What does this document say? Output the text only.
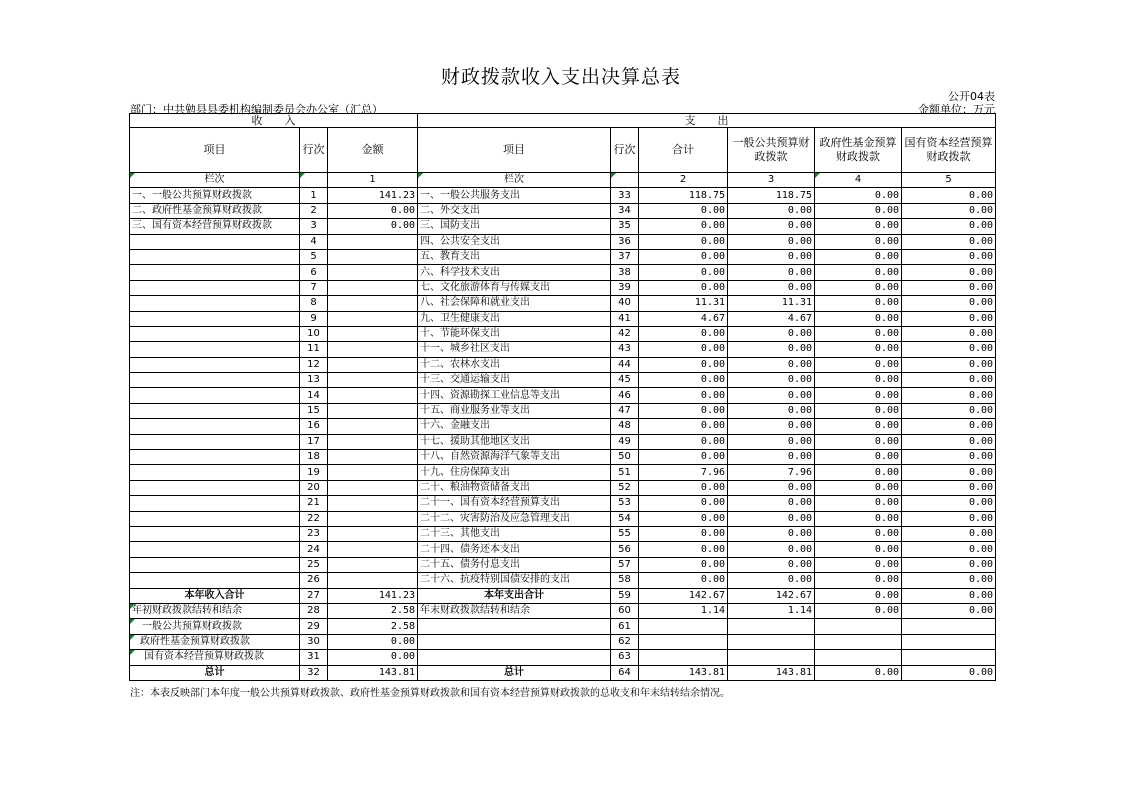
财政拨款收入支出决算总表
公开04表
部门：中共勉县县委机构编制委员会办公室（汇总）	金额单位：万元
收　　入			支　　出					
项目	行次	金额	项目	行次	合计	一般公共预算财政拨款	政府性基金预算财政拨款	国有资本经营预算财政拨款
栏次		1	栏次		2	3	4	5
一、一般公共预算财政拨款	1	141.23	一、一般公共服务支出	33	118.75	118.75	0.00	0.00
二、政府性基金预算财政拨款	2	0.00	二、外交支出	34	0.00	0.00	0.00	0.00
三、国有资本经营预算财政拨款	3	0.00	三、国防支出	35	0.00	0.00	0.00	0.00
	4		四、公共安全支出	36	0.00	0.00	0.00	0.00
	5		五、教育支出	37	0.00	0.00	0.00	0.00
	6		六、科学技术支出	38	0.00	0.00	0.00	0.00
	7		七、文化旅游体育与传媒支出	39	0.00	0.00	0.00	0.00
	8		八、社会保障和就业支出	40	11.31	11.31	0.00	0.00
	9		九、卫生健康支出	41	4.67	4.67	0.00	0.00
	10		十、节能环保支出	42	0.00	0.00	0.00	0.00
	11		十一、城乡社区支出	43	0.00	0.00	0.00	0.00
	12		十二、农林水支出	44	0.00	0.00	0.00	0.00
	13		十三、交通运输支出	45	0.00	0.00	0.00	0.00
	14		十四、资源勘探工业信息等支出	46	0.00	0.00	0.00	0.00
	15		十五、商业服务业等支出	47	0.00	0.00	0.00	0.00
	16		十六、金融支出	48	0.00	0.00	0.00	0.00
	17		十七、援助其他地区支出	49	0.00	0.00	0.00	0.00
	18		十八、自然资源海洋气象等支出	50	0.00	0.00	0.00	0.00
	19		十九、住房保障支出	51	7.96	7.96	0.00	0.00
	20		二十、粮油物资储备支出	52	0.00	0.00	0.00	0.00
	21		二十一、国有资本经营预算支出	53	0.00	0.00	0.00	0.00
	22		二十二、灾害防治及应急管理支出	54	0.00	0.00	0.00	0.00
	23		二十三、其他支出	55	0.00	0.00	0.00	0.00
	24		二十四、债务还本支出	56	0.00	0.00	0.00	0.00
	25		二十五、债务付息支出	57	0.00	0.00	0.00	0.00
	26		二十六、抗疫特别国债安排的支出	58	0.00	0.00	0.00	0.00
本年收入合计	27	141.23	本年支出合计	59	142.67	142.67	0.00	0.00
年初财政拨款结转和结余	28	2.58	年末财政拨款结转和结余	60	1.14	1.14	0.00	0.00
一般公共预算财政拨款	29	2.58		61				
政府性基金预算财政拨款	30	0.00		62				
国有资本经营预算财政拨款	31	0.00		63				
总计	32	143.81	总计	64	143.81	143.81	0.00	0.00
注：本表反映部门本年度一般公共预算财政拨款、政府性基金预算财政拨款和国有资本经营预算财政拨款的总收支和年末结转结余情况。
